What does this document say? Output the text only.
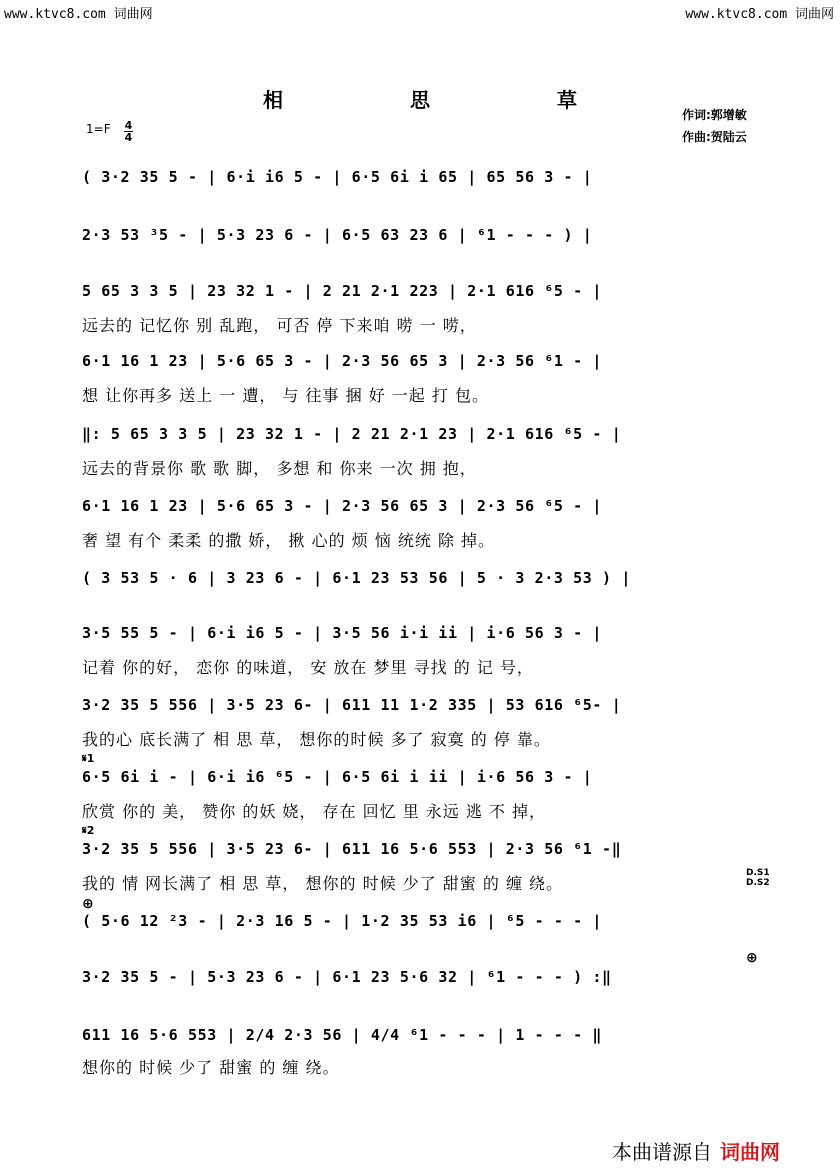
www.ktvc8.com 词曲网	www.ktvc8.com 词曲网
相 思 草
作词:郭增敏
作曲:贺陆云
1=F 4
4
( 3·2 35 5 - | 6·i i6 5 - | 6·5 6i i 65 | 65 56 3 - |
2·3 53 ³5 - | 5·3 23 6 - | 6·5 63 23 6 | ⁶1 - - - ) |
5 65 3 3 5 | 23 32 1 - | 2 21 2·1 223 | 2·1 616 ⁶5 - |
远去的 记忆你 别 乱跑， 可否 停 下来咱 唠 一 唠，
6·1 16 1 23 | 5·6 65 3 - | 2·3 56 65 3 | 2·3 56 ⁶1 - |
想 让你再多 送上 一 遭， 与 往事 捆 好 一起 打 包。
‖: 5 65 3 3 5 | 23 32 1 - | 2 21 2·1 23 | 2·1 616 ⁶5 - |
远去的背景你 歌 歌 脚， 多想 和 你来 一次 拥 抱，
6·1 16 1 23 | 5·6 65 3 - | 2·3 56 65 3 | 2·3 56 ⁶5 - |
奢 望 有个 柔柔 的撒 娇， 揪 心的 烦 恼 统统 除 掉。
( 3 53 5 · 6 | 3 23 6 - | 6·1 23 53 56 | 5 · 3 2·3 53 ) |
3·5 55 5 - | 6·i i6 5 - | 3·5 56 i·i ii | i·6 56 3 - |
记着 你的好， 恋你 的味道， 安 放在 梦里 寻找 的 记 号，
3·2 35 5 556 | 3·5 23 6- | 611 11 1·2 335 | 53 616 ⁶5- |
我的心 底长满了 相 思 草， 想你的时候 多了 寂寞 的 停 靠。
𝄋1
6·5 6i i - | 6·i i6 ⁶5 - | 6·5 6i i ii | i·6 56 3 - |
欣赏 你的 美， 赞你 的妖 娆， 存在 回忆 里 永远 逃 不 掉，
𝄋2
3·2 35 5 556 | 3·5 23 6- | 611 16 5·6 553 | 2·3 56 ⁶1 -‖
我的 情 网长满了 相 思 草， 想你的 时候 少了 甜蜜 的 缠 绕。
D.S1 D.S2
⊕
( 5·6 12 ²3 - | 2·3 16 5 - | 1·2 35 53 i6 | ⁶5 - - - |
⊕
3·2 35 5 - | 5·3 23 6 - | 6·1 23 5·6 32 | ⁶1 - - - ) :‖
611 16 5·6 553 | 2/4 2·3 56 | 4/4 ⁶1 - - - | 1 - - - ‖
想你的 时候 少了 甜蜜 的 缠 绕。
本曲谱源自 词曲网
